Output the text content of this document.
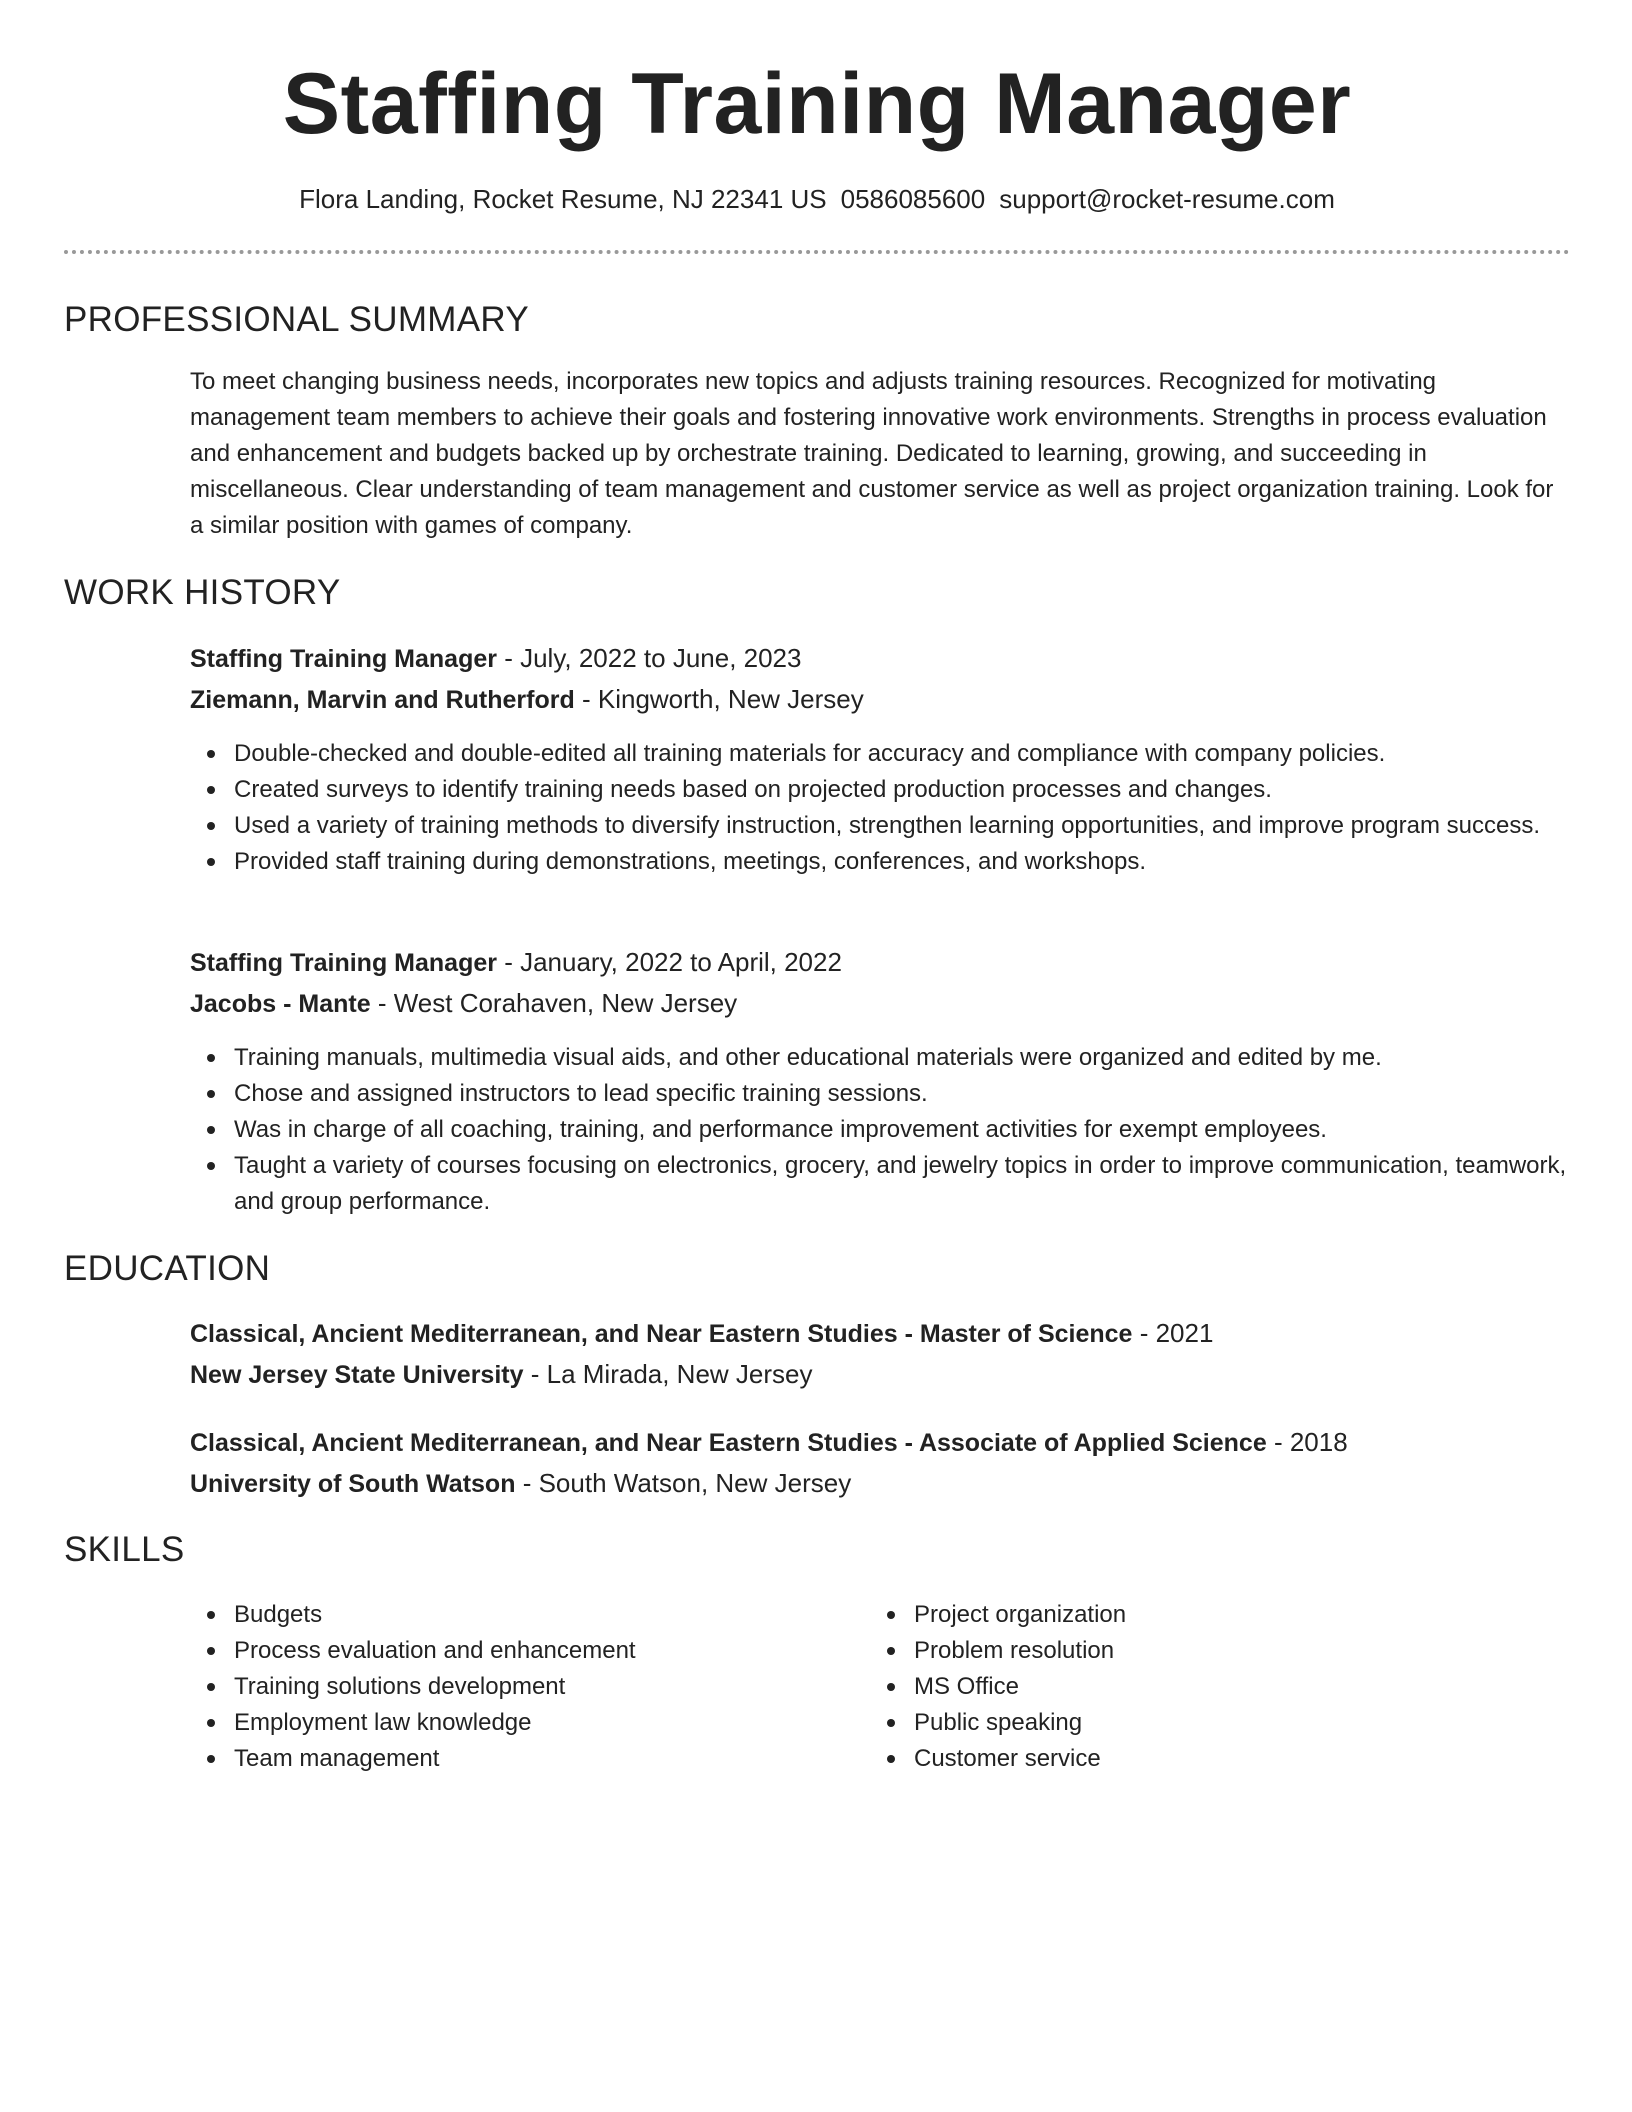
Staffing Training Manager
Flora Landing, Rocket Resume, NJ 22341 US 0586085600 support@rocket-resume.com
PROFESSIONAL SUMMARY

To meet changing business needs, incorporates new topics and adjusts training resources. Recognized for motivating management team members to achieve their goals and fostering innovative work environments. Strengths in process evaluation and enhancement and budgets backed up by orchestrate training. Dedicated to learning, growing, and succeeding in miscellaneous. Clear understanding of team management and customer service as well as project organization training. Look for a similar position with games of company.

WORK HISTORY
Staffing Training Manager - July, 2022 to June, 2023
Ziemann, Marvin and Rutherford - Kingworth, New Jersey
Double-checked and double-edited all training materials for accuracy and compliance with company policies.
Created surveys to identify training needs based on projected production processes and changes.
Used a variety of training methods to diversify instruction, strengthen learning opportunities, and improve program success.
Provided staff training during demonstrations, meetings, conferences, and workshops.
Staffing Training Manager - January, 2022 to April, 2022
Jacobs - Mante - West Corahaven, New Jersey
Training manuals, multimedia visual aids, and other educational materials were organized and edited by me.
Chose and assigned instructors to lead specific training sessions.
Was in charge of all coaching, training, and performance improvement activities for exempt employees.
Taught a variety of courses focusing on electronics, grocery, and jewelry topics in order to improve communication, teamwork, and group performance.
EDUCATION
Classical, Ancient Mediterranean, and Near Eastern Studies - Master of Science - 2021
New Jersey State University - La Mirada, New Jersey
Classical, Ancient Mediterranean, and Near Eastern Studies - Associate of Applied Science - 2018
University of South Watson - South Watson, New Jersey
SKILLS
Budgets
Process evaluation and enhancement
Training solutions development
Employment law knowledge
Team management
Project organization
Problem resolution
MS Office
Public speaking
Customer service
